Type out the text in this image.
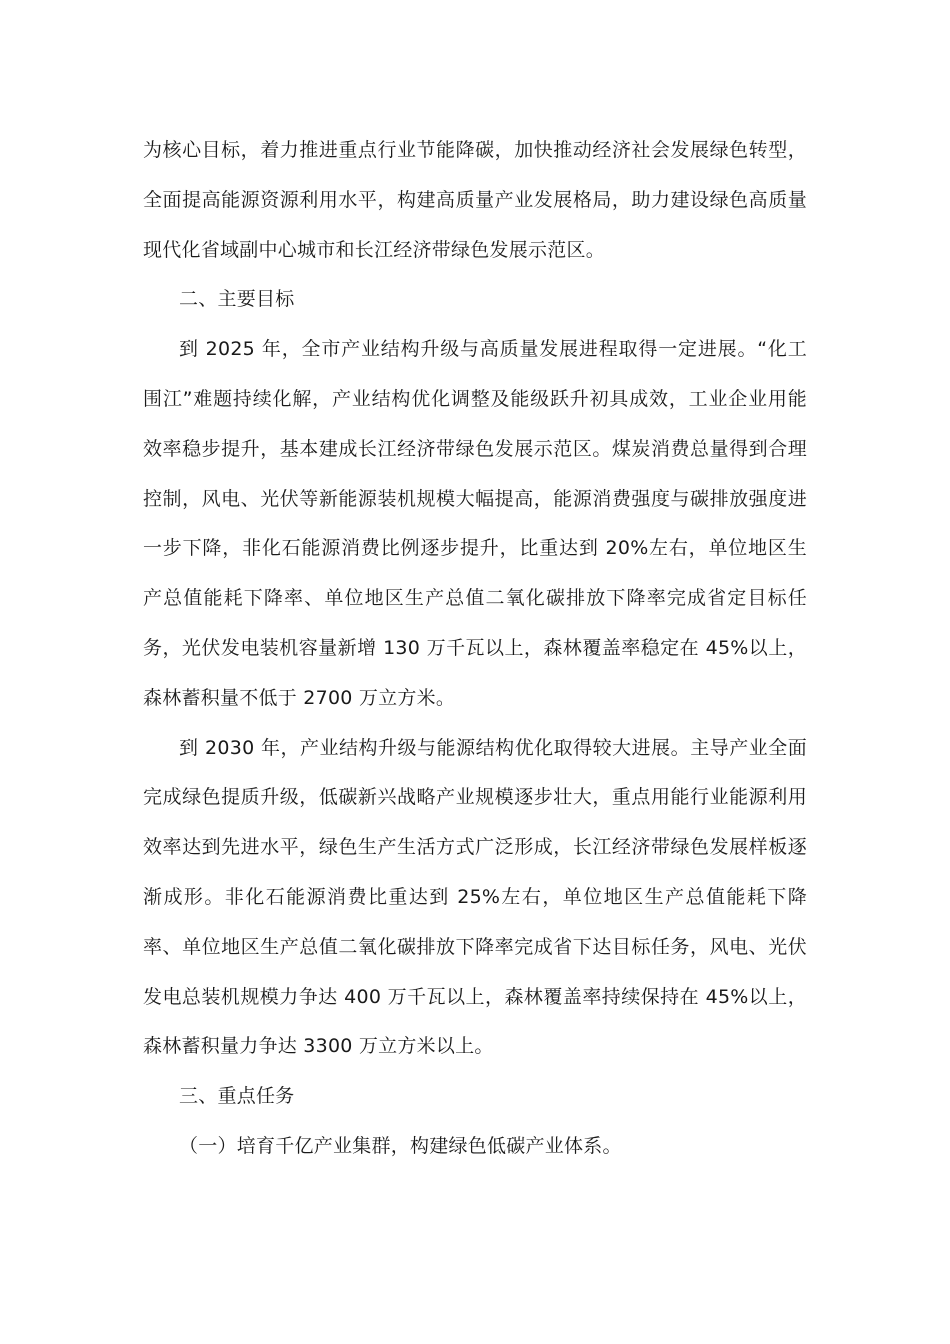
为核心目标，着力推进重点行业节能降碳，加快推动经济社会发展绿色转型，全面提高能源资源利用水平，构建高质量产业发展格局，助力建设绿色高质量现代化省域副中心城市和长江经济带绿色发展示范区。

二、主要目标

到 2025 年，全市产业结构升级与高质量发展进程取得一定进展。“化工围江”难题持续化解，产业结构优化调整及能级跃升初具成效，工业企业用能效率稳步提升，基本建成长江经济带绿色发展示范区。煤炭消费总量得到合理控制，风电、光伏等新能源装机规模大幅提高，能源消费强度与碳排放强度进一步下降，非化石能源消费比例逐步提升，比重达到 20%左右，单位地区生产总值能耗下降率、单位地区生产总值二氧化碳排放下降率完成省定目标任务，光伏发电装机容量新增 130 万千瓦以上，森林覆盖率稳定在 45%以上，森林蓄积量不低于 2700 万立方米。

到 2030 年，产业结构升级与能源结构优化取得较大进展。主导产业全面完成绿色提质升级，低碳新兴战略产业规模逐步壮大，重点用能行业能源利用效率达到先进水平，绿色生产生活方式广泛形成，长江经济带绿色发展样板逐渐成形。非化石能源消费比重达到 25%左右，单位地区生产总值能耗下降率、单位地区生产总值二氧化碳排放下降率完成省下达目标任务，风电、光伏发电总装机规模力争达 400 万千瓦以上，森林覆盖率持续保持在 45%以上，森林蓄积量力争达 3300 万立方米以上。

三、重点任务

（一）培育千亿产业集群，构建绿色低碳产业体系。
